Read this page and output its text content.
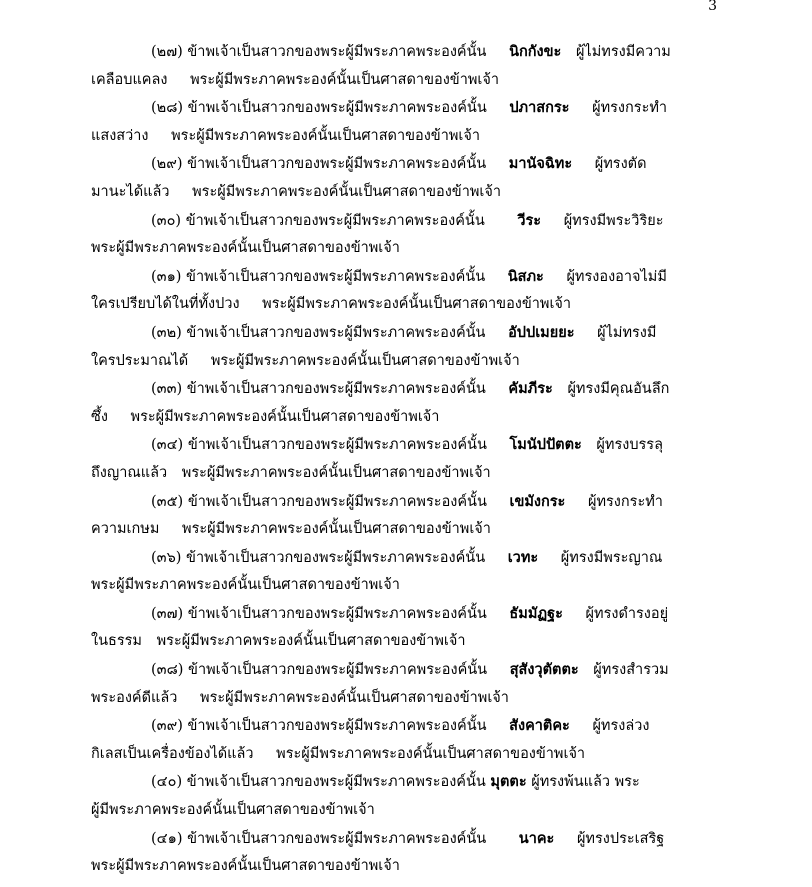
3

(๒๗) ข้าพเจ้าเป็นสาวกของพระผู้มีพระภาคพระองค์นั้น นิกกังขะ ผู้ไม่ทรงมีความ
เคลือบแคลง พระผู้มีพระภาคพระองค์นั้นเป็นศาสดาของข้าพเจ้า

(๒๘) ข้าพเจ้าเป็นสาวกของพระผู้มีพระภาคพระองค์นั้น ปภาสกระ ผู้ทรงกระทำ
แสงสว่าง พระผู้มีพระภาคพระองค์นั้นเป็นศาสดาของข้าพเจ้า

(๒๙) ข้าพเจ้าเป็นสาวกของพระผู้มีพระภาคพระองค์นั้น มานัจฉิทะ ผู้ทรงตัด
มานะได้แล้ว พระผู้มีพระภาคพระองค์นั้นเป็นศาสดาของข้าพเจ้า

(๓๐) ข้าพเจ้าเป็นสาวกของพระผู้มีพระภาคพระองค์นั้น วีระ ผู้ทรงมีพระวิริยะ
พระผู้มีพระภาคพระองค์นั้นเป็นศาสดาของข้าพเจ้า

(๓๑) ข้าพเจ้าเป็นสาวกของพระผู้มีพระภาคพระองค์นั้น นิสภะ ผู้ทรงองอาจไม่มี
ใครเปรียบได้ในที่ทั้งปวง พระผู้มีพระภาคพระองค์นั้นเป็นศาสดาของข้าพเจ้า

(๓๒) ข้าพเจ้าเป็นสาวกของพระผู้มีพระภาคพระองค์นั้น อัปปเมยยะ ผู้ไม่ทรงมี
ใครประมาณได้ พระผู้มีพระภาคพระองค์นั้นเป็นศาสดาของข้าพเจ้า

(๓๓) ข้าพเจ้าเป็นสาวกของพระผู้มีพระภาคพระองค์นั้น คัมภีระ ผู้ทรงมีคุณอันลึก
ซึ้ง พระผู้มีพระภาคพระองค์นั้นเป็นศาสดาของข้าพเจ้า

(๓๔) ข้าพเจ้าเป็นสาวกของพระผู้มีพระภาคพระองค์นั้น โมนัปปัตตะ ผู้ทรงบรรลุ
ถึงญาณแล้ว พระผู้มีพระภาคพระองค์นั้นเป็นศาสดาของข้าพเจ้า

(๓๕) ข้าพเจ้าเป็นสาวกของพระผู้มีพระภาคพระองค์นั้น เขมังกระ ผู้ทรงกระทำ
ความเกษม พระผู้มีพระภาคพระองค์นั้นเป็นศาสดาของข้าพเจ้า

(๓๖) ข้าพเจ้าเป็นสาวกของพระผู้มีพระภาคพระองค์นั้น เวทะ ผู้ทรงมีพระญาณ
พระผู้มีพระภาคพระองค์นั้นเป็นศาสดาของข้าพเจ้า

(๓๗) ข้าพเจ้าเป็นสาวกของพระผู้มีพระภาคพระองค์นั้น ธัมมัฏฐะ ผู้ทรงดำรงอยู่
ในธรรม พระผู้มีพระภาคพระองค์นั้นเป็นศาสดาของข้าพเจ้า

(๓๘) ข้าพเจ้าเป็นสาวกของพระผู้มีพระภาคพระองค์นั้น สุสังวุตัตตะ ผู้ทรงสำรวม
พระองค์ดีแล้ว พระผู้มีพระภาคพระองค์นั้นเป็นศาสดาของข้าพเจ้า

(๓๙) ข้าพเจ้าเป็นสาวกของพระผู้มีพระภาคพระองค์นั้น สังคาติคะ ผู้ทรงล่วง
กิเลสเป็นเครื่องข้องได้แล้ว พระผู้มีพระภาคพระองค์นั้นเป็นศาสดาของข้าพเจ้า

(๔๐) ข้าพเจ้าเป็นสาวกของพระผู้มีพระภาคพระองค์นั้น มุตตะ ผู้ทรงพ้นแล้ว พระ
ผู้มีพระภาคพระองค์นั้นเป็นศาสดาของข้าพเจ้า

(๔๑) ข้าพเจ้าเป็นสาวกของพระผู้มีพระภาคพระองค์นั้น นาคะ ผู้ทรงประเสริฐ
พระผู้มีพระภาคพระองค์นั้นเป็นศาสดาของข้าพเจ้า
